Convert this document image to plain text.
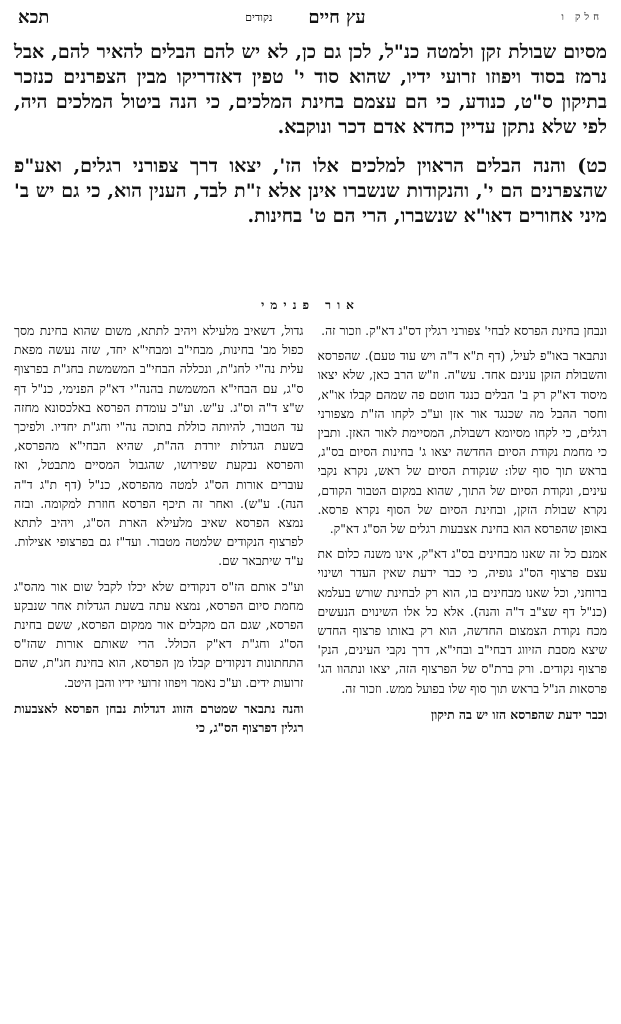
חלק ו
עץ חיים
נקודים
תכא

מסיום שבולת זקן ולמטה כנ"ל, לכן גם כן, לא יש להם הבלים להאיר להם, אבל נרמז בסוד ויפוזו זרועי ידיו, שהוא סוד י' טפין דאזדריקו מבין הצפרנים כנזכר בתיקון ס"ט, כנודע, כי הם עצמם בחינת המלכים, כי הנה ביטול המלכים היה, לפי שלא נתקן עדיין כחדא אדם דכר ונוקבא.

כט) והנה הבלים הראוין למלכים אלו הז', יצאו דרך צפורני רגלים, ואע"פ שהצפרנים הם י', והנקודות שנשברו אינן אלא ז"ת לבד, הענין הוא, כי גם יש ב' מיני אחורים דאו"א שנשברו, הרי הם ט' בחינות.

אור פנימי

ונבחן בחינת הפרסא לבחי' צפורני רגלין דס"ג דא"ק. וזכור זה.

ונתבאר באו"פ לעיל, (דף ת"א ד"ה ויש עוד טעם). שהפרסא והשבולת הזקן ענינם אחד. עש"ה. וז"ש הרב כאן, שלא יצאו מיסוד דא"ק רק ב' הבלים כנגד חוטם פה שמהם קבלו או"א, וחסר ההבל מה שכנגד אור אזן וע"כ לקחו הז"ת מצפורני רגלים, כי לקחו מסיומא דשבולת, המסיימת לאור האזן. ותבין כי מחמת נקודת הסיום החדשה יצאו ג' בחינות הסיום בס"ג, בראש תוך סוף שלו: שנקודת הסיום של ראש, נקרא נקבי עינים, ונקודת הסיום של התוך, שהוא במקום הטבור הקודם, נקרא שבולת הזקן, ובחינת הסיום של הסוף נקרא פרסא. באופן שהפרסא הוא בחינת אצבעות רגלים של הס"ג דא"ק.

אמנם כל זה שאנו מבחינים בס"ג דא"ק, אינו משנה כלום את עצם פרצוף הס"ג גופיה, כי כבר ידעת שאין העדר ושינוי ברוחני, וכל שאנו מבחינים בו, הוא רק לבחינת שורש בעלמא (כנ"ל דף שצ"ב ד"ה והנה). אלא כל אלו השינוים הנעשים מכח נקודת הצמצום החדשה, הוא רק באותו פרצוף החדש שיצא מסבת הזיווג דבחי"ב ובחי"א, דרך נקבי העינים, הנק' פרצוף נקודים. ורק ברת"ס של הפרצוף הזה, יצאו ונתהוו הג' פרסאות הנ"ל בראש תוך סוף שלו בפועל ממש. וזכור זה.

וכבר ידעת שהפרסא הזו יש בה תיקון

גדול, דשאיב מלעילא ויהיב לתתא, משום שהוא בחינת מסך כפול מב' בחינות, מבחי"ב ומבחי"א יחד, שזה נעשה מפאת עלית נה"י לחג"ת, ונכללה הבחי"ב המשמשת בחג"ת בפרצוף ס"ג, עם הבחי"א המשמשת בהנה"י דא"ק הפנימי, כנ"ל דף ש"צ ד"ה וס"ג. ע"ש. וע"כ עומדת הפרסא באלכסונא מחזה עד הטבור, להיותה כוללת בתוכה נה"י וחג"ת יחדיו. ולפיכך בשעת הגדלות יורדת הה"ת, שהיא הבחי"א מהפרסא, והפרסא נבקעת שפירושו, שהגבול המסיים מתבטל, ואז עוברים אורות הס"ג למטה מהפרסא, כנ"ל (דף ת"ג ד"ה הנה). ע"ש). ואחר זה תיכף הפרסא חוזרת למקומה. ובזה נמצא הפרסא שאיב מלעילא הארת הס"ג, ויהיב לתתא לפרצוף הנקודים שלמטה מטבור. ועד"ז גם בפרצופי אצילות. ע"ד שיתבאר שם.

וע"כ אותם הז"ס דנקודים שלא יכלו לקבל שום אור מהס"ג מחמת סיום הפרסא, נמצא עתה בשעת הגדלות אחר שנבקע הפרסא, שגם הם מקבלים אור ממקום הפרסא, ששם בחינת הס"ג וחג"ת דא"ק הכולל. הרי שאותם אורות שהז"ס התחתונות דנקודים קבלו מן הפרסא, הוא בחינת חג"ת, שהם זרועות ידים. וע"כ נאמר ויפוזו זרועי ידיו והבן היטב.

והנה נתבאר שמטרם הזווג דגדלות נבחן הפרסא לאצבעות רגלין דפרצוף הס"ג, כי
